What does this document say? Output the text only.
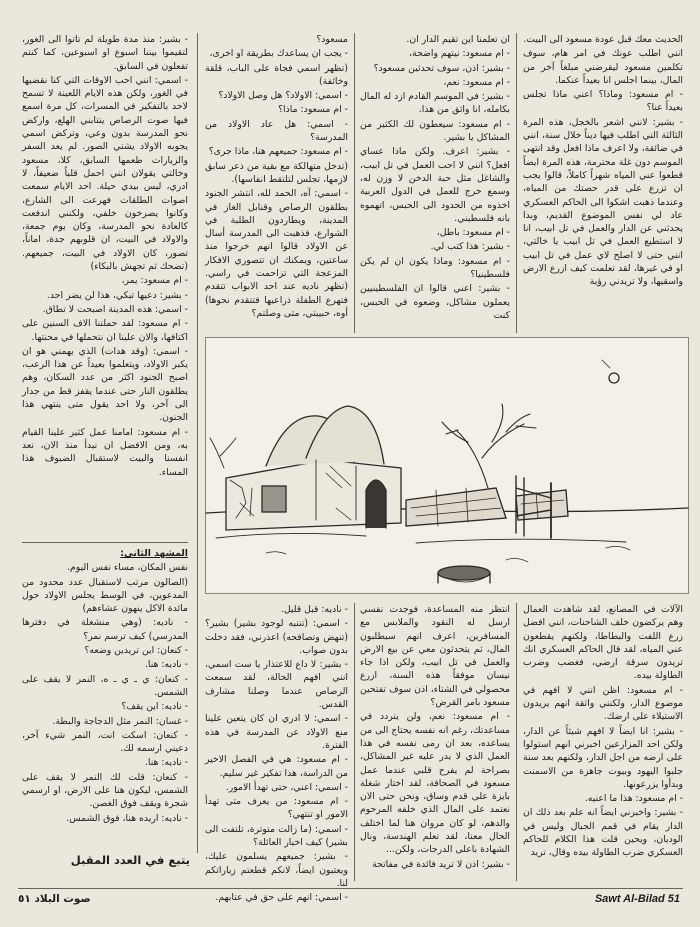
الحديث معك قبل عودة مسعود الى البيت.

انني اطلب عونك في امر هام، سوف تكلمين مسعود ليقرضني مبلغاً آخر من المال، بينما اجلس انا بعيداً عنكما.

- ام مسعود: وماذا؟ اعني ماذا تجلس بعيداً عنا؟

- بشير: لانني اشعر بالخجل، هذه المرة الثالثة التي اطلب فيها ديناً خلال سنة، انني في ضائقة، ولا اعرف ماذا افعل وقد انتهى الموسم دون غلة محترمة، هذه المرة ايضاً قطعوا عني المياه شهراً كاملاً، قالوا يجب ان تزرع على قدر حصتك من المياه، وعندما ذهبت اشكوا الى الحاكم العسكري عاد لي نفس الموضوع القديم، وبدا يحدثني عن الدار والعمل في تل ابيب، انا لا استطيع العمل في تل ابيب يا خالتي، انني حتى لا اصلح لاي عمل في تل ابيب او في غيرها، لقد تعلمت كيف ازرع الارض واسقيها، ولا تريدني رؤية

ان تعلمنا اين تقيم الدار ان.

- ام مسعود: نيتهم واضحة،

- بشير: اذن، سوف تحدثين مسعود؟

- ام مسعود: نعم،

- بشير: في الموسم القادم ازد له المال بكامله، انا واثق من هذا.

- ام مسعود: سيعطون لك الكثير من المشاكل يا بشير.

- بشير: اعرف. ولكن ماذا عساي افعل؟ انني لا احب العمل في تل ابيب، والشاغل مثل حبة الدخن لا وزن له، وسمع خرج للعمل في الدول العربية اخذوه من الحدود الى الحبس، اتهموه بانه فلسطيني.

- ام مسعود: باطل،

- بشير: هذا كتب لي.

- ام مسعود: وماذا يكون ان لم يكن فلسطينيا؟

- بشير: اعني قالوا ان الفلسطينيين يعملون مشاكل، وضعوه في الحبس، كنت

مسعود؟

- يجب ان يساعدك بطريقة او اخرى،

(تظهر اسمي فجاة على الباب، قلقة وخائفة)

- اسمي: الاولاد؟ هل وصل الاولاد؟

- ام مسعود: ماذا؟

- اسمي: هل عاد الاولاد من المدرسة؟

- ام مسعود: جميعهم هنا، ماذا جرى؟

(تدخل متهالكة مع بقية من ذعر سابق لازمها، تجلس لتلتقط انفاسها).

- اسمي: آه، الحمد لله، انتشر الجنود بطلقون الرصاص وقنابل الغاز في المدينة، ويطاردون الطلبة في الشوارع، فذهبت الى المدرسة أسال عن الاولاد قالوا انهم خرجوا منذ ساعتين، ويمكنك ان تتصوري الافكار المزعجة التي تزاحمت في راسي. (تظهر ناديه عند احد الابواب تتقدم فتهرع الطفلة ذراعيها فتتقدم نحوها) أوه، حبيبتي، متى وصلتم؟

- بشير: منذ مدة طويلة لم تاتوا الى الغور، لتقيموا بيننا اسبوع او اسبوعين، كما كنتم تفعلون في السابق.

- اسمي: انني احب الاوقات التي كنا نقضيها في الغور، ولكن هذه الايام اللعينة لا تسمح لاحد بالتفكير في المسرات، كل مرة اسمع فيها صوت الرصاص ينتابني الهلع، واركض نحو المدرسة بدون وعي، وتركض اسمي يجوبه الاولاد يشتي الصور. لم يعد السفر والزيارات طعمها السابق، كلا، مسعود وخالتي يقولان انني احمل قلباً ضعيفاً، لا ادري، ليس بيدي حيلة. احد الايام سمعت اصوات الطلقات فهرعت الى الشارع، وكانوا يصرخون خلفي، ولكنني اندفعت كالعادة نحو المدرسة، وكان يوم جمعة، والاولاد في البيت، ان قلوبهم جدة، اماناً، تصور، كان الاولاد في البيت، جميعهم. (تضحك ثم تجهش بالبكاء)

- ام مسعود: يمر،

- بشير: دعيها تبكي، هذا لن يضر احد.

- اسمي: هذه المدينة اصبحت لا تطاق.

- ام مسعود: لقد حملتنا الاف السنين على اكتافها، والان علينا ان نتحملها في محنتها.

- اسمي: (وقد هدات) الذي يهمني هو ان يكبر الاولاد، ويتعلموا بعيداً عن هذا الرعب، اصبح الجنود اكثر من عدد السكان، وهم يطلقون النار حتى عندما يقفز قط من جدار الى آخر، ولا احد يقول متى ينتهي هذا الجنون.

- ام مسعود: امامنا عمل كثير علينا القيام به، ومن الافضل ان نبدأ منذ الان، نعد انفسنا والبيت لاستقبال الضيوف هذا المساء.

المشهد الثاني:

نفس المكان، مساء نفس اليوم.

(الصالون مرتب لاستقبال عدد محدود من المدعوين، في الوسط يجلس الاولاد حول مائدة الاكل ينهون عشاءهم)

- ناديه: (وهي منشغلة في دفترها المدرسي) كيف ترسم نمر؟

- كنعان: اين تريدين وضعه؟

- ناديه: هنا.

- كنعان: ي ـ ي ـ ه، النمر لا يقف على الشمس.

- ناديه: اين يقف؟

- غسان: النمر مثل الدجاجة والبطة.

- كنعان: اسكت انت، النمر شيء آخر، دعيني ارسمه لك.

- ناديه: هنا.

- كنعان: قلت لك النمر لا يقف على الشمس، ليكون هنا على الارض، او ارسمي شجرة ويقف فوق الغصن.

- ناديه: اريده هنا، فوق الشمس.

يتبع في العدد المقبل

الآلات في المصانع، لقد شاهدت العمال وهم يركضون خلف الشاحنات، انني افضل زرع اللفت والبطاطا، ولكنهم يقطعون عني المياه، لقد قال الحاكم العسكري انك تريدون سرقة ارضي، فغضب وضرب الطاولة بيده.

- ام مسعود: اظن انني لا افهم في موضوع الدار، ولكنني واثقة انهم يريدون الاستيلاء على ارضك.

- بشير: انا ايضاً لا افهم شيئاً عن الدار، ولكن احد المزارعين اخبرني انهم استولوا على ارضه من اجل الدار، ولكنهم بعد سنة جلبوا اليهود وبيوت جاهزة من الاسمنت وبدأوا يزرعونها.

- ام مسعود: هذا ما اعنيه.

- بشير: واخبرني ايضاً انه علم بعد ذلك ان الدار يقام في قمم الجبال وليس في الوديان، ويحين قلت هذا الكلام للحاكم العسكري ضرب الطاولة بيده وقال، تريد

انتظر منه المساعدة، فوجدت نفسي ارسل له النقود والملابس مع المسافرين، اعرف انهم سيطلبون المال، ثم يتحدثون معي عن بيع الارض والعمل في تل ابيب، ولكن اذا جاء نيسان موفقاً هذه السنة، ازرع محصولي في الشتاء، اذن سوف تفتحين مسعود بامر القرض؟

- ام مسعود: نعم، ولن يتردد في مساعدتك، رغم انه نفسه يحتاج الى من يساعده، بعد ان رمى نفسه في هذا العمل الذي لا يدر عليه غير المشاكل، بصراحة لم يفرح قلبي عندما عمل مسعود في الصحافة، لقد اختار شغلة بايزة على قدم وساق، ونحن حتى الان نعتمد على المال الذي خلفه المرحوم والدهم، لو كان مروان هنا لما اختلف الحال معنا، لقد تعلم الهندسة، ونال الشهادة باعلى الدرجات، ولكن...

- بشير: اذن لا تريد فائدة في مفاتحة

- ناديه: قبل قليل.

- اسمي: (تنتبه لوجود بشير) بشير؟ (تنهض وتصافحه) اعذرني، فقد دخلت بدون صواب.

- بشير: لا داع للاعتذار يا ست اسمي، انني افهم الحالة، لقد سمعت الرصاص عندما وصلنا مشارف القدس.

- اسمي: لا ادري ان كان يتعين علينا منع الاولاد عن المدرسة في هذه الفترة.

- ام مسعود: هي في الفصل الاخير من الدراسة، هذا تفكير غير سليم.

- اسمي: اعني، حتى تهدأ الامور.

- ام مسعود: من يعرف متى تهدأ الامور او تنتهي؟

- اسمي: (ما زالت متوترة، تلتفت الى بشير) كيف اخبار العائلة؟

- بشير: جميعهم يسلمون عليك، ويعتبون ايضاً، لانكم قطعتم زياراتكم لنا.

- اسمي: انهم على حق في عتابهم.

صوت البلاد ٥١	Sawt Al-Bilad 51
